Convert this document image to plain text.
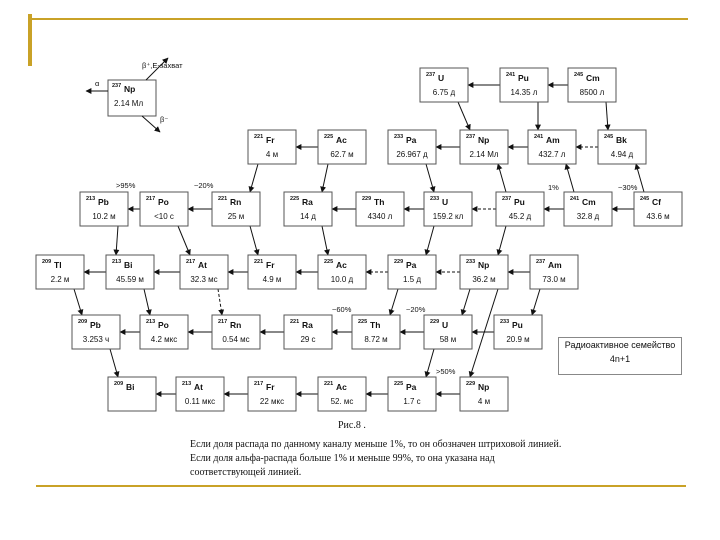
237 U
6.75 д
241 Pu
14.35 л
245 Cm
8500 л
221 Fr
4 м
225 Ac
62.7 м
233 Pa
26.967 д
237 Np
2.14 Мл
241 Am
432.7 л
245 Bk
4.94 д
213 Pb
10.2 м
217 Po
<10 с
221 Rn
25 м
225 Ra
14 д
229 Th
4340 л
233 U
159.2 кл
237 Pu
45.2 д
241 Cm
32.8 д
245 Cf
43.6 м
209 Tl
2.2 м
213 Bi
45.59 м
217 At
32.3 мс
221 Fr
4.9 м
225 Ac
10.0 д
229 Pa
1.5 д
233 Np
36.2 м
237 Am
73.0 м
209 Pb
3.253 ч
213 Po
4.2 мкс
217 Rn
0.54 мс
221 Ra
29 с
225 Th
8.72 м
229 U
58 м
233 Pu
20.9 м
209 Bi	213 At
0.11 мкс
217 Fr
22 мкс
221 Ac
52. мс
225 Pa
1.7 с
229 Np
4 м
>95%	~20%	1%	~30%
~60%	~20%
>50%
237 Np
2.14 Мл
β⁺,E-захват
α
β⁻
Радиоактивное семейство
4n+1
Рис.8 .
Если доля распада по данному каналу меньше 1%, то он обозначен штриховой линией.
Если доля альфа-распада больше 1% и меньше 99%, то она указана над
соответствующей линией.
